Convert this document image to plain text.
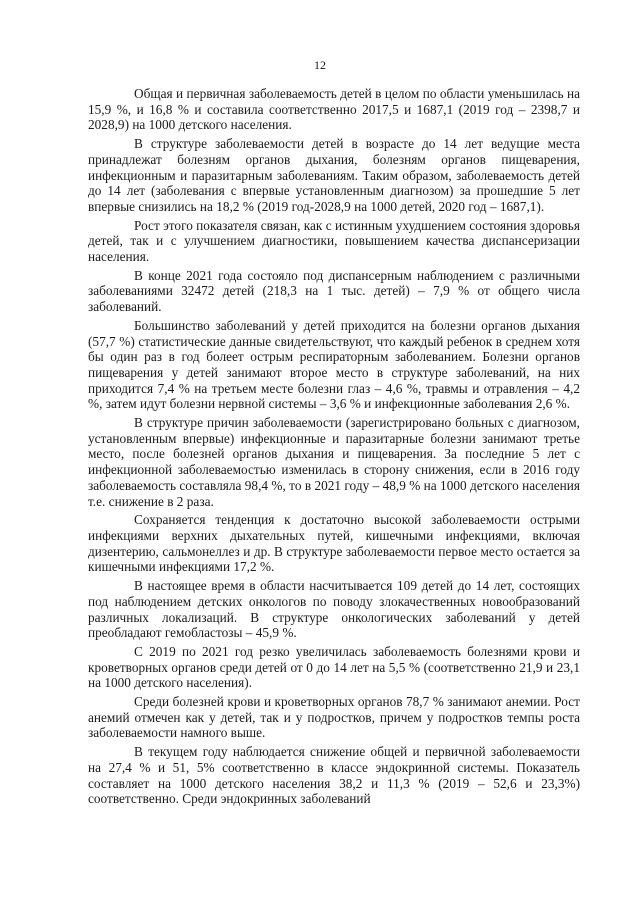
12

Общая и первичная заболеваемость детей в целом по области уменьшилась на 15,9 %, и 16,8 % и составила соответственно 2017,5 и 1687,1 (2019 год – 2398,7 и 2028,9) на 1000 детского населения.

В структуре заболеваемости детей в возрасте до 14 лет ведущие места принадлежат болезням органов дыхания, болезням органов пищеварения, инфекционным и паразитарным заболеваниям. Таким образом, заболеваемость детей до 14 лет (заболевания с впервые установленным диагнозом) за прошедшие 5 лет впервые снизились на 18,2 % (2019 год-2028,9 на 1000 детей, 2020 год – 1687,1).

Рост этого показателя связан, как с истинным ухудшением состояния здоровья детей, так и с улучшением диагностики, повышением качества диспансеризации населения.

В конце 2021 года состояло под диспансерным наблюдением с различными заболеваниями 32472 детей (218,3 на 1 тыс. детей) – 7,9 % от общего числа заболеваний.

Большинство заболеваний у детей приходится на болезни органов дыхания (57,7 %) статистические данные свидетельствуют, что каждый ребенок в среднем хотя бы один раз в год болеет острым респираторным заболеванием. Болезни органов пищеварения у детей занимают второе место в структуре заболеваний, на них приходится 7,4 % на третьем месте болезни глаз – 4,6 %, травмы и отравления – 4,2 %, затем идут болезни нервной системы – 3,6 % и инфекционные заболевания 2,6 %.

В структуре причин заболеваемости (зарегистрировано больных с диагнозом, установленным впервые) инфекционные и паразитарные болезни занимают третье место, после болезней органов дыхания и пищеварения. За последние 5 лет с инфекционной заболеваемостью изменилась в сторону снижения, если в 2016 году заболеваемость составляла 98,4 %, то в 2021 году – 48,9 % на 1000 детского населения т.е. снижение в 2 раза.

Сохраняется тенденция к достаточно высокой заболеваемости острыми инфекциями верхних дыхательных путей, кишечными инфекциями, включая дизентерию, сальмонеллез и др. В структуре заболеваемости первое место остается за кишечными инфекциями 17,2 %.

В настоящее время в области насчитывается 109 детей до 14 лет, состоящих под наблюдением детских онкологов по поводу злокачественных новообразований различных локализаций. В структуре онкологических заболеваний у детей преобладают гемобластозы – 45,9 %.

С 2019 по 2021 год резко увеличилась заболеваемость болезнями крови и кроветворных органов среди детей от 0 до 14 лет на 5,5 % (соответственно 21,9 и 23,1 на 1000 детского населения).

Среди болезней крови и кроветворных органов 78,7 % занимают анемии. Рост анемий отмечен как у детей, так и у подростков, причем у подростков темпы роста заболеваемости намного выше.

В текущем году наблюдается снижение общей и первичной заболеваемости на 27,4 % и 51, 5% соответственно в классе эндокринной системы. Показатель составляет на 1000 детского населения 38,2 и 11,3 % (2019 – 52,6 и 23,3%) соответственно. Среди эндокринных заболеваний
